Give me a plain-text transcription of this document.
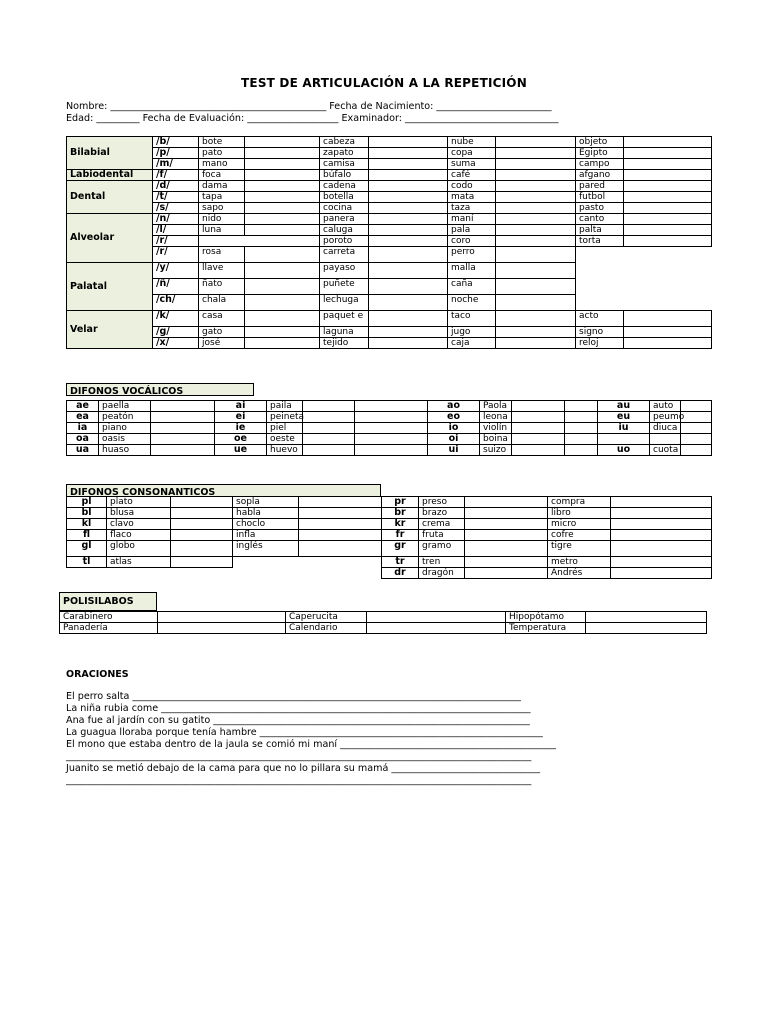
TEST DE ARTICULACIÓN A LA REPETICIÓN
Nombre: _____________________________________________ Fecha de Nacimiento: ________________________
Edad: _________ Fecha de Evaluación: ___________________ Examinador: ________________________________
Bilabial	/b/	bote		cabeza		nube		objeto	
	/p/	pato		zapato		copa		Egipto	
	/m/	mano		camisa		suma		campo	
Labiodental	/f/	foca		búfalo		café		afgano	
Dental	/d/	dama		cadena		codo		pared	
	/t/	tapa		botella		mata		futbol	
	/s/	sapo		cocina		taza		pasto	
Alveolar	/n/	nido		panera		maní		canto	
	/l/	luna		caluga		pala		palta	
	/r/			poroto		coro		torta	
	/r/	rosa		carreta		perro			
Palatal	/y/	llave		payaso		malla			
	/ñ/	ñato		puñete		caña			
	/ch/	chala		lechuga		noche			
Velar	/k/	casa		paquet e		taco		acto	
	/g/	gato		laguna		jugo		signo	
	/x/	josé		tejido		caja		reloj	
DIFONOS VOCÁLICOS
ae	paella		ai	paila			ao	Paola			au	auto	
ea	peatón		ei	peineta			eo	leona			eu	peumo	
ia	piano		ie	piel			io	violín			iu	diuca	
oa	oasis		oe	oeste			oi	boina					
ua	huaso		ue	huevo			ui	suizo			uo	cuota	
DIFONOS CONSONANTICOS
pl	plato		sopla	
bl	blusa		habla	
kl	clavo		choclo	
fl	flaco		infla	
gl	globo		inglés	
tl	atlas			
pr	preso		compra	
br	brazo		libro	
kr	crema		micro	
fr	fruta		cofre	
gr	gramo		tigre	
tr	tren		metro	
dr	dragón		Andrés	
POLISILABOS
Carabinero		Caperucita		Hipopótamo	
Panadería		Calendario		Temperatura	
ORACIONES
El perro salta _________________________________________________________________________________
La niña rubia come _____________________________________________________________________________
Ana fue al jardín con su gatito __________________________________________________________________
La guagua lloraba porque tenía hambre ___________________________________________________________
El mono que estaba dentro de la jaula se comió mi maní _____________________________________________
_________________________________________________________________________________________________
Juanito se metió debajo de la cama para que no lo pillara su mamá _______________________________
_________________________________________________________________________________________________
